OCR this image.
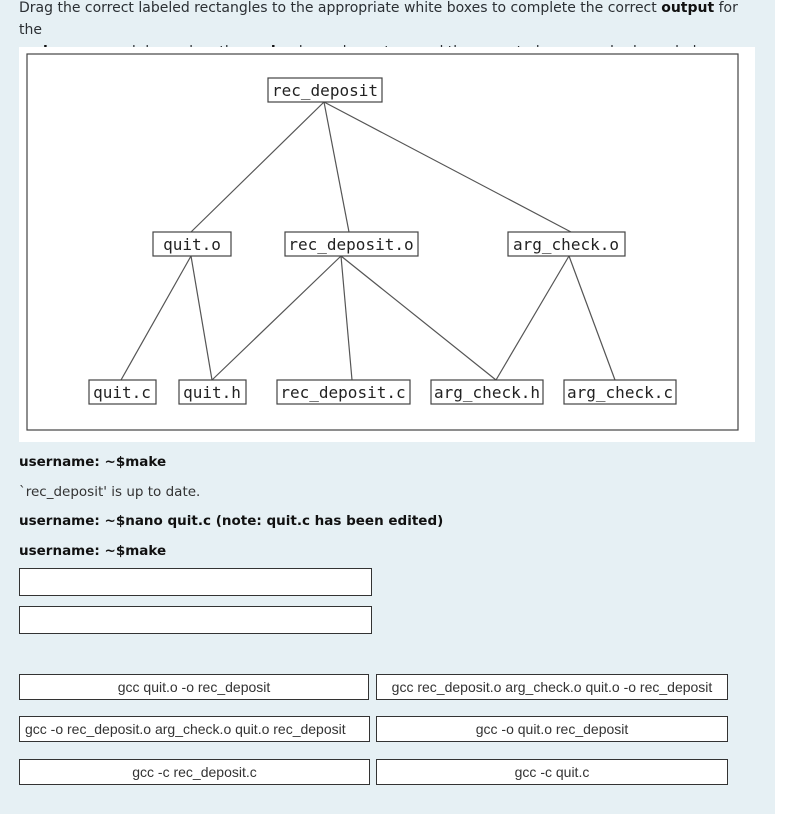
Drag the correct labeled rectangles to the appropriate white boxes to complete the correct output for the

rec_deposit
quit.o	rec_deposit.o	arg_check.o
quit.c quit.h rec_deposit.c arg_check.h arg_check.c
username: ~$make
`rec_deposit' is up to date.
username: ~$nano quit.c (note: quit.c has been edited)
username: ~$make
gcc quit.o -o rec_deposit	gcc rec_deposit.o arg_check.o quit.o -o rec_deposit
gcc -o rec_deposit.o arg_check.o quit.o rec_deposit	gcc -o quit.o rec_deposit
gcc -c rec_deposit.c	gcc -c quit.c
